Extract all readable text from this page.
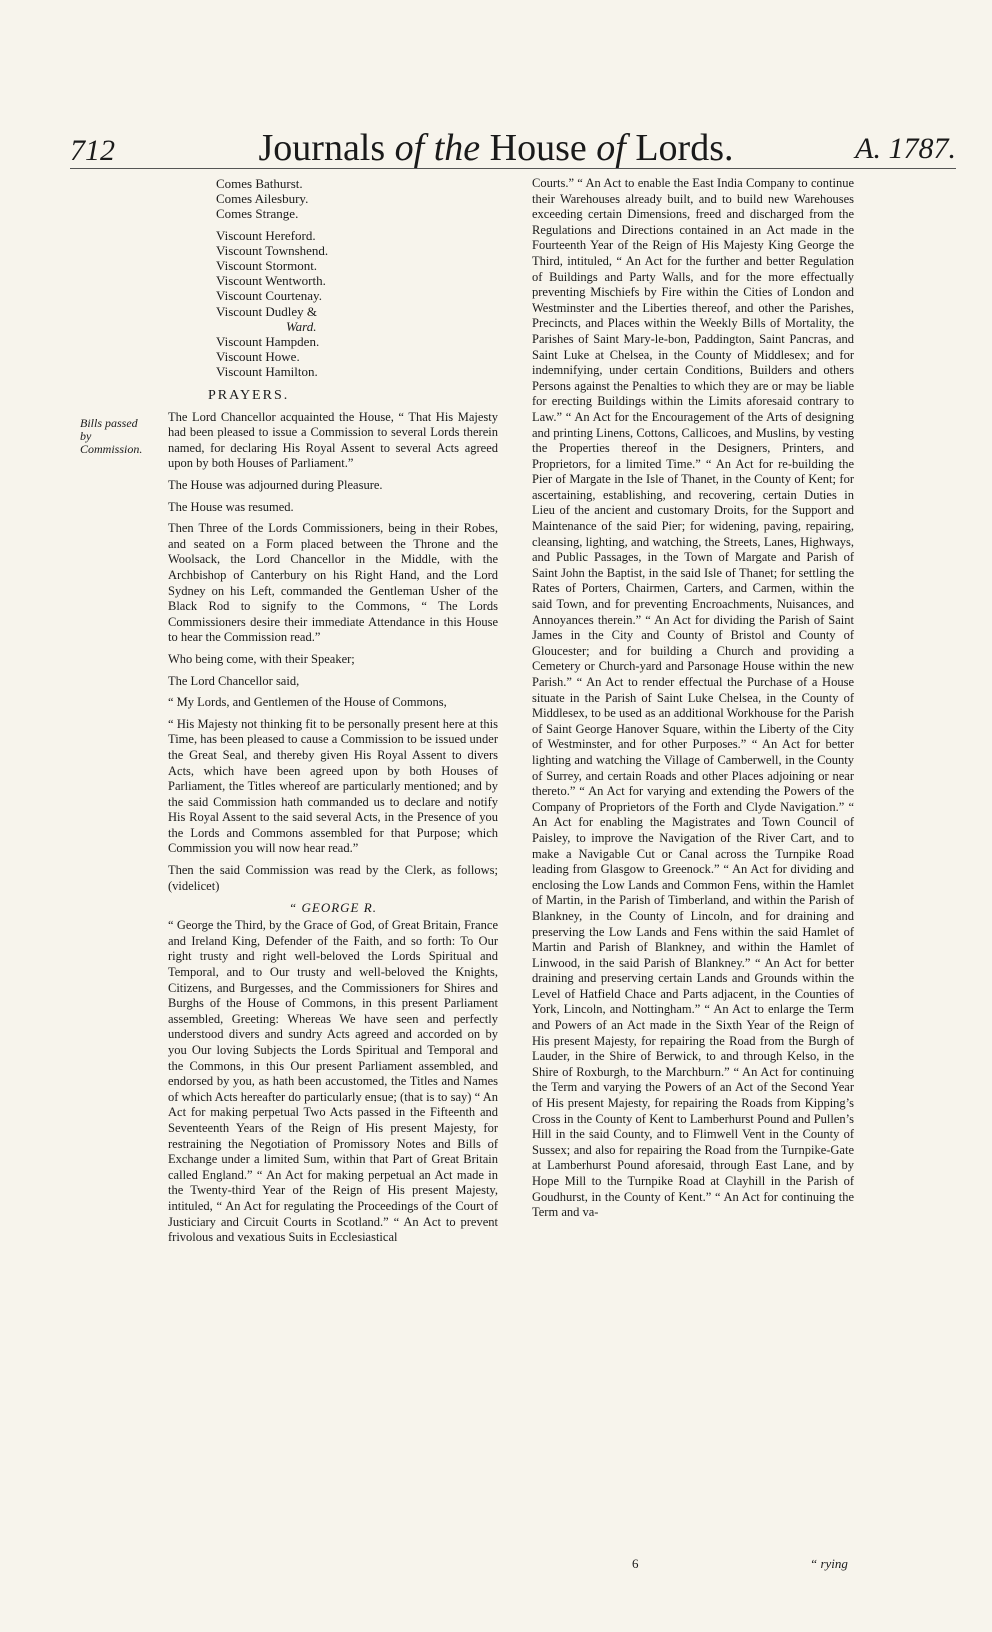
712	Journals of the House of Lords.	A. 1787.
Bills passed by Commission.
Comes Bathurst.
Comes Ailesbury.
Comes Strange.
Viscount Hereford.
Viscount Townshend.
Viscount Stormont.
Viscount Wentworth.
Viscount Courtenay.
Viscount Dudley &
Ward.
Viscount Hampden.
Viscount Howe.
Viscount Hamilton.
PRAYERS.

The Lord Chancellor acquainted the House, “ That His Majesty had been pleased to issue a Commission to several Lords therein named, for declaring His Royal Assent to several Acts agreed upon by both Houses of Parliament.”

The House was adjourned during Pleasure.

The House was resumed.

Then Three of the Lords Commissioners, being in their Robes, and seated on a Form placed between the Throne and the Woolsack, the Lord Chancellor in the Middle, with the Archbishop of Canterbury on his Right Hand, and the Lord Sydney on his Left, commanded the Gentleman Usher of the Black Rod to signify to the Commons, “ The Lords Commissioners desire their immediate Attendance in this House to hear the Commission read.”

Who being come, with their Speaker;

The Lord Chancellor said,

“ My Lords, and Gentlemen of the House of Commons,

“ His Majesty not thinking fit to be personally present here at this Time, has been pleased to cause a Commission to be issued under the Great Seal, and thereby given His Royal Assent to divers Acts, which have been agreed upon by both Houses of Parliament, the Titles whereof are particularly mentioned; and by the said Commission hath commanded us to declare and notify His Royal Assent to the said several Acts, in the Presence of you the Lords and Commons assembled for that Purpose; which Commission you will now hear read.”

Then the said Commission was read by the Clerk, as follows; (videlicet)

“ GEORGE R.

“ George the Third, by the Grace of God, of Great Britain, France and Ireland King, Defender of the Faith, and so forth: To Our right trusty and right well-beloved the Lords Spiritual and Temporal, and to Our trusty and well-beloved the Knights, Citizens, and Burgesses, and the Commissioners for Shires and Burghs of the House of Commons, in this present Parliament assembled, Greeting: Whereas We have seen and perfectly understood divers and sundry Acts agreed and accorded on by you Our loving Subjects the Lords Spiritual and Temporal and the Commons, in this Our present Parliament assembled, and endorsed by you, as hath been accustomed, the Titles and Names of which Acts hereafter do particularly ensue; (that is to say) “ An Act for making perpetual Two Acts passed in the Fifteenth and Seventeenth Years of the Reign of His present Majesty, for restraining the Negotiation of Promissory Notes and Bills of Exchange under a limited Sum, within that Part of Great Britain called England.” “ An Act for making perpetual an Act made in the Twenty-third Year of the Reign of His present Majesty, intituled, “ An Act for regulating the Proceedings of the Court of Justiciary and Circuit Courts in Scotland.” “ An Act to prevent frivolous and vexatious Suits in Ecclesiastical

Courts.” “ An Act to enable the East India Company to continue their Warehouses already built, and to build new Warehouses exceeding certain Dimensions, freed and discharged from the Regulations and Directions contained in an Act made in the Fourteenth Year of the Reign of His Majesty King George the Third, intituled, “ An Act for the further and better Regulation of Buildings and Party Walls, and for the more effectually preventing Mischiefs by Fire within the Cities of London and Westminster and the Liberties thereof, and other the Parishes, Precincts, and Places within the Weekly Bills of Mortality, the Parishes of Saint Mary-le-bon, Paddington, Saint Pancras, and Saint Luke at Chelsea, in the County of Middlesex; and for indemnifying, under certain Conditions, Builders and others Persons against the Penalties to which they are or may be liable for erecting Buildings within the Limits aforesaid contrary to Law.” “ An Act for the Encouragement of the Arts of designing and printing Linens, Cottons, Callicoes, and Muslins, by vesting the Properties thereof in the Designers, Printers, and Proprietors, for a limited Time.” “ An Act for re-building the Pier of Margate in the Isle of Thanet, in the County of Kent; for ascertaining, establishing, and recovering, certain Duties in Lieu of the ancient and customary Droits, for the Support and Maintenance of the said Pier; for widening, paving, repairing, cleansing, lighting, and watching, the Streets, Lanes, Highways, and Public Passages, in the Town of Margate and Parish of Saint John the Baptist, in the said Isle of Thanet; for settling the Rates of Porters, Chairmen, Carters, and Carmen, within the said Town, and for preventing Encroachments, Nuisances, and Annoyances therein.” “ An Act for dividing the Parish of Saint James in the City and County of Bristol and County of Gloucester; and for building a Church and providing a Cemetery or Church-yard and Parsonage House within the new Parish.” “ An Act to render effectual the Purchase of a House situate in the Parish of Saint Luke Chelsea, in the County of Middlesex, to be used as an additional Workhouse for the Parish of Saint George Hanover Square, within the Liberty of the City of Westminster, and for other Purposes.” “ An Act for better lighting and watching the Village of Camberwell, in the County of Surrey, and certain Roads and other Places adjoining or near thereto.” “ An Act for varying and extending the Powers of the Company of Proprietors of the Forth and Clyde Navigation.” “ An Act for enabling the Magistrates and Town Council of Paisley, to improve the Navigation of the River Cart, and to make a Navigable Cut or Canal across the Turnpike Road leading from Glasgow to Greenock.” “ An Act for dividing and enclosing the Low Lands and Common Fens, within the Hamlet of Martin, in the Parish of Timberland, and within the Parish of Blankney, in the County of Lincoln, and for draining and preserving the Low Lands and Fens within the said Hamlet of Martin and Parish of Blankney, and within the Hamlet of Linwood, in the said Parish of Blankney.” “ An Act for better draining and preserving certain Lands and Grounds within the Level of Hatfield Chace and Parts adjacent, in the Counties of York, Lincoln, and Nottingham.” “ An Act to enlarge the Term and Powers of an Act made in the Sixth Year of the Reign of His present Majesty, for repairing the Road from the Burgh of Lauder, in the Shire of Berwick, to and through Kelso, in the Shire of Roxburgh, to the Marchburn.” “ An Act for continuing the Term and varying the Powers of an Act of the Second Year of His present Majesty, for repairing the Roads from Kipping’s Cross in the County of Kent to Lamberhurst Pound and Pullen’s Hill in the said County, and to Flimwell Vent in the County of Sussex; and also for repairing the Road from the Turnpike-Gate at Lamberhurst Pound aforesaid, through East Lane, and by Hope Mill to the Turnpike Road at Clayhill in the Parish of Goudhurst, in the County of Kent.” “ An Act for continuing the Term and va-

6	“ rying
